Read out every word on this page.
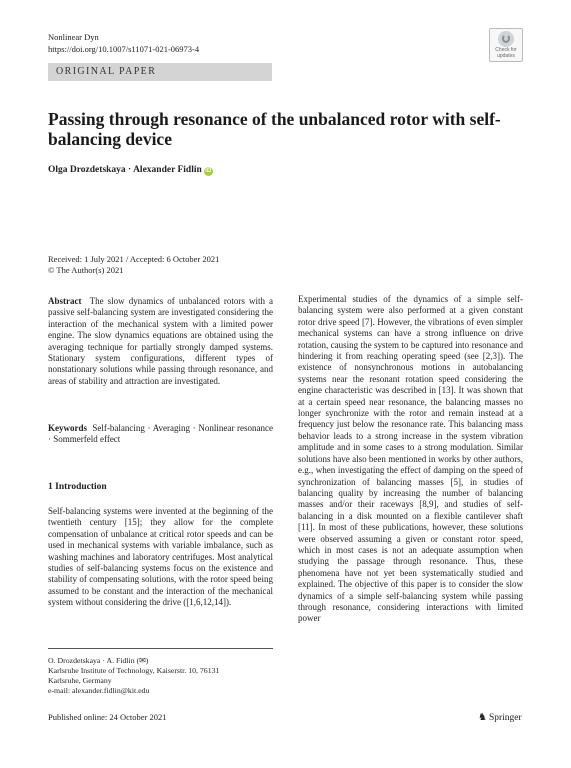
Nonlinear Dyn
https://doi.org/10.1007/s11071-021-06973-4	Check for updates
ORIGINAL PAPER
Passing through resonance of the unbalanced rotor with self-balancing device
Olga Drozdetskaya · Alexander Fidlin iD
Received: 1 July 2021 / Accepted: 6 October 2021
© The Author(s) 2021

Abstract The slow dynamics of unbalanced rotors with a passive self-balancing system are investigated considering the interaction of the mechanical system with a limited power engine. The slow dynamics equations are obtained using the averaging technique for partially strongly damped systems. Stationary system configurations, different types of nonstationary solutions while passing through resonance, and areas of stability and attraction are investigated.

Keywords Self-balancing · Averaging · Nonlinear resonance · Sommerfeld effect

1 Introduction

Self-balancing systems were invented at the beginning of the twentieth century [15]; they allow for the complete compensation of unbalance at critical rotor speeds and can be used in mechanical systems with variable imbalance, such as washing machines and laboratory centrifuges. Most analytical studies of self-balancing systems focus on the existence and stability of compensating solutions, with the rotor speed being assumed to be constant and the interaction of the mechanical system without considering the drive ([1,6,12,14]).

Experimental studies of the dynamics of a simple self-balancing system were also performed at a given constant rotor drive speed [7]. However, the vibrations of even simpler mechanical systems can have a strong influence on drive rotation, causing the system to be captured into resonance and hindering it from reaching operating speed (see [2,3]). The existence of nonsynchronous motions in autobalancing systems near the resonant rotation speed considering the engine characteristic was described in [13]. It was shown that at a certain speed near resonance, the balancing masses no longer synchronize with the rotor and remain instead at a frequency just below the resonance rate. This balancing mass behavior leads to a strong increase in the system vibration amplitude and in some cases to a strong modulation. Similar solutions have also been mentioned in works by other authors, e.g., when investigating the effect of damping on the speed of synchronization of balancing masses [5], in studies of balancing quality by increasing the number of balancing masses and/or their raceways [8,9], and studies of self-balancing in a disk mounted on a flexible cantilever shaft [11]. In most of these publications, however, these solutions were observed assuming a given or constant rotor speed, which in most cases is not an adequate assumption when studying the passage through resonance. Thus, these phenomena have not yet been systematically studied and explained. The objective of this paper is to consider the slow dynamics of a simple self-balancing system while passing through resonance, considering interactions with limited power

O. Drozdetskaya · A. Fidlin (✉)
Karlsruhe Institute of Technology, Kaiserstr. 10, 76131
Karlsruhe, Germany
e-mail: alexander.fidlin@kit.edu
Published online: 24 October 2021	♞ Springer
